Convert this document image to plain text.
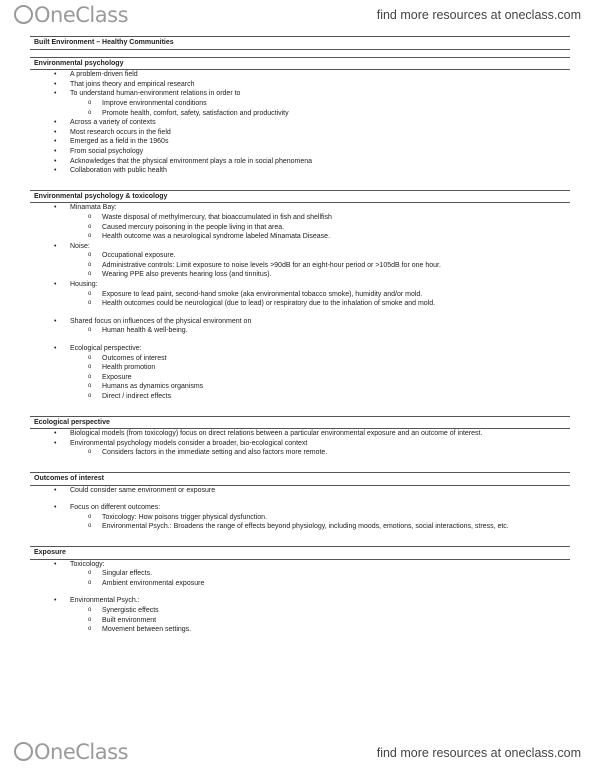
OneClass	find more resources at oneclass.com
Built Environment – Healthy Communities
Environmental psychology
• A problem-driven field
• That joins theory and empirical research
• To understand human-environment relations in order to
o Improve environmental conditions
o Promote health, comfort, safety, satisfaction and productivity
• Across a variety of contexts
• Most research occurs in the field
• Emerged as a field in the 1960s
• From social psychology
• Acknowledges that the physical environment plays a role in social phenomena
• Collaboration with public health
Environmental psychology & toxicology
• Minamata Bay:
o Waste disposal of methylmercury, that bioaccumulated in fish and shellfish
o Caused mercury poisoning in the people living in that area.
o Health outcome was a neurological syndrome labeled Minamata Disease.
• Noise:
o Occupational exposure.
o Administrative controls: Limit exposure to noise levels >90dB for an eight-hour period or >105dB for one hour.
o Wearing PPE also prevents hearing loss (and tinnitus).
• Housing:
o Exposure to lead paint, second-hand smoke (aka environmental tobacco smoke), humidity and/or mold.
o Health outcomes could be neurological (due to lead) or respiratory due to the inhalation of smoke and mold.
• Shared focus on influences of the physical environment on
o Human health & well-being.
• Ecological perspective:
o Outcomes of interest
o Health promotion
o Exposure
o Humans as dynamics organisms
o Direct / indirect effects
Ecological perspective
• Biological models (from toxicology) focus on direct relations between a particular environmental exposure and an outcome of interest.
• Environmental psychology models consider a broader, bio-ecological context
o Considers factors in the immediate setting and also factors more remote.
Outcomes of interest
• Could consider same environment or exposure
• Focus on different outcomes:
o Toxicology: How poisons trigger physical dysfunction.
o Environmental Psych.: Broadens the range of effects beyond physiology, including moods, emotions, social interactions, stress, etc.
Exposure
• Toxicology:
o Singular effects.
o Ambient environmental exposure
• Environmental Psych.:
o Synergistic effects
o Built environment
o Movement between settings.
OneClass	find more resources at oneclass.com
